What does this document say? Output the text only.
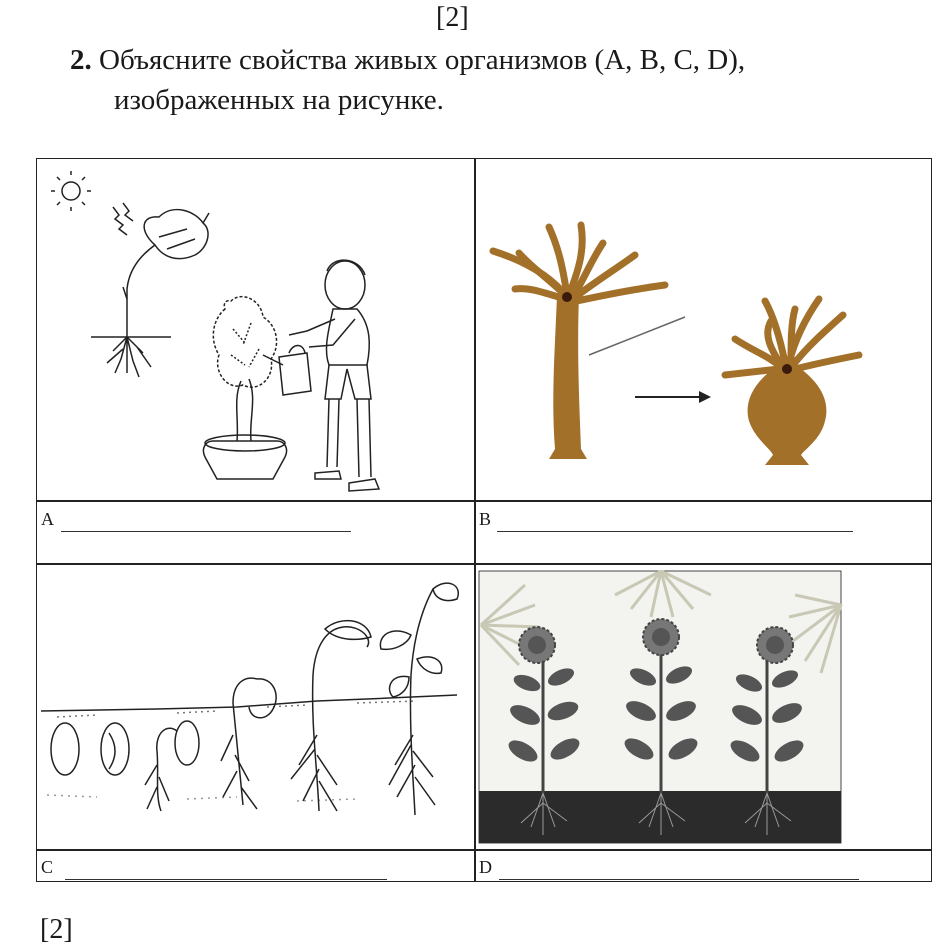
[2]
2. Объясните свойства живых организмов (A, B, C, D),
изображенных на рисунке.
A	B
C	D
[2]
